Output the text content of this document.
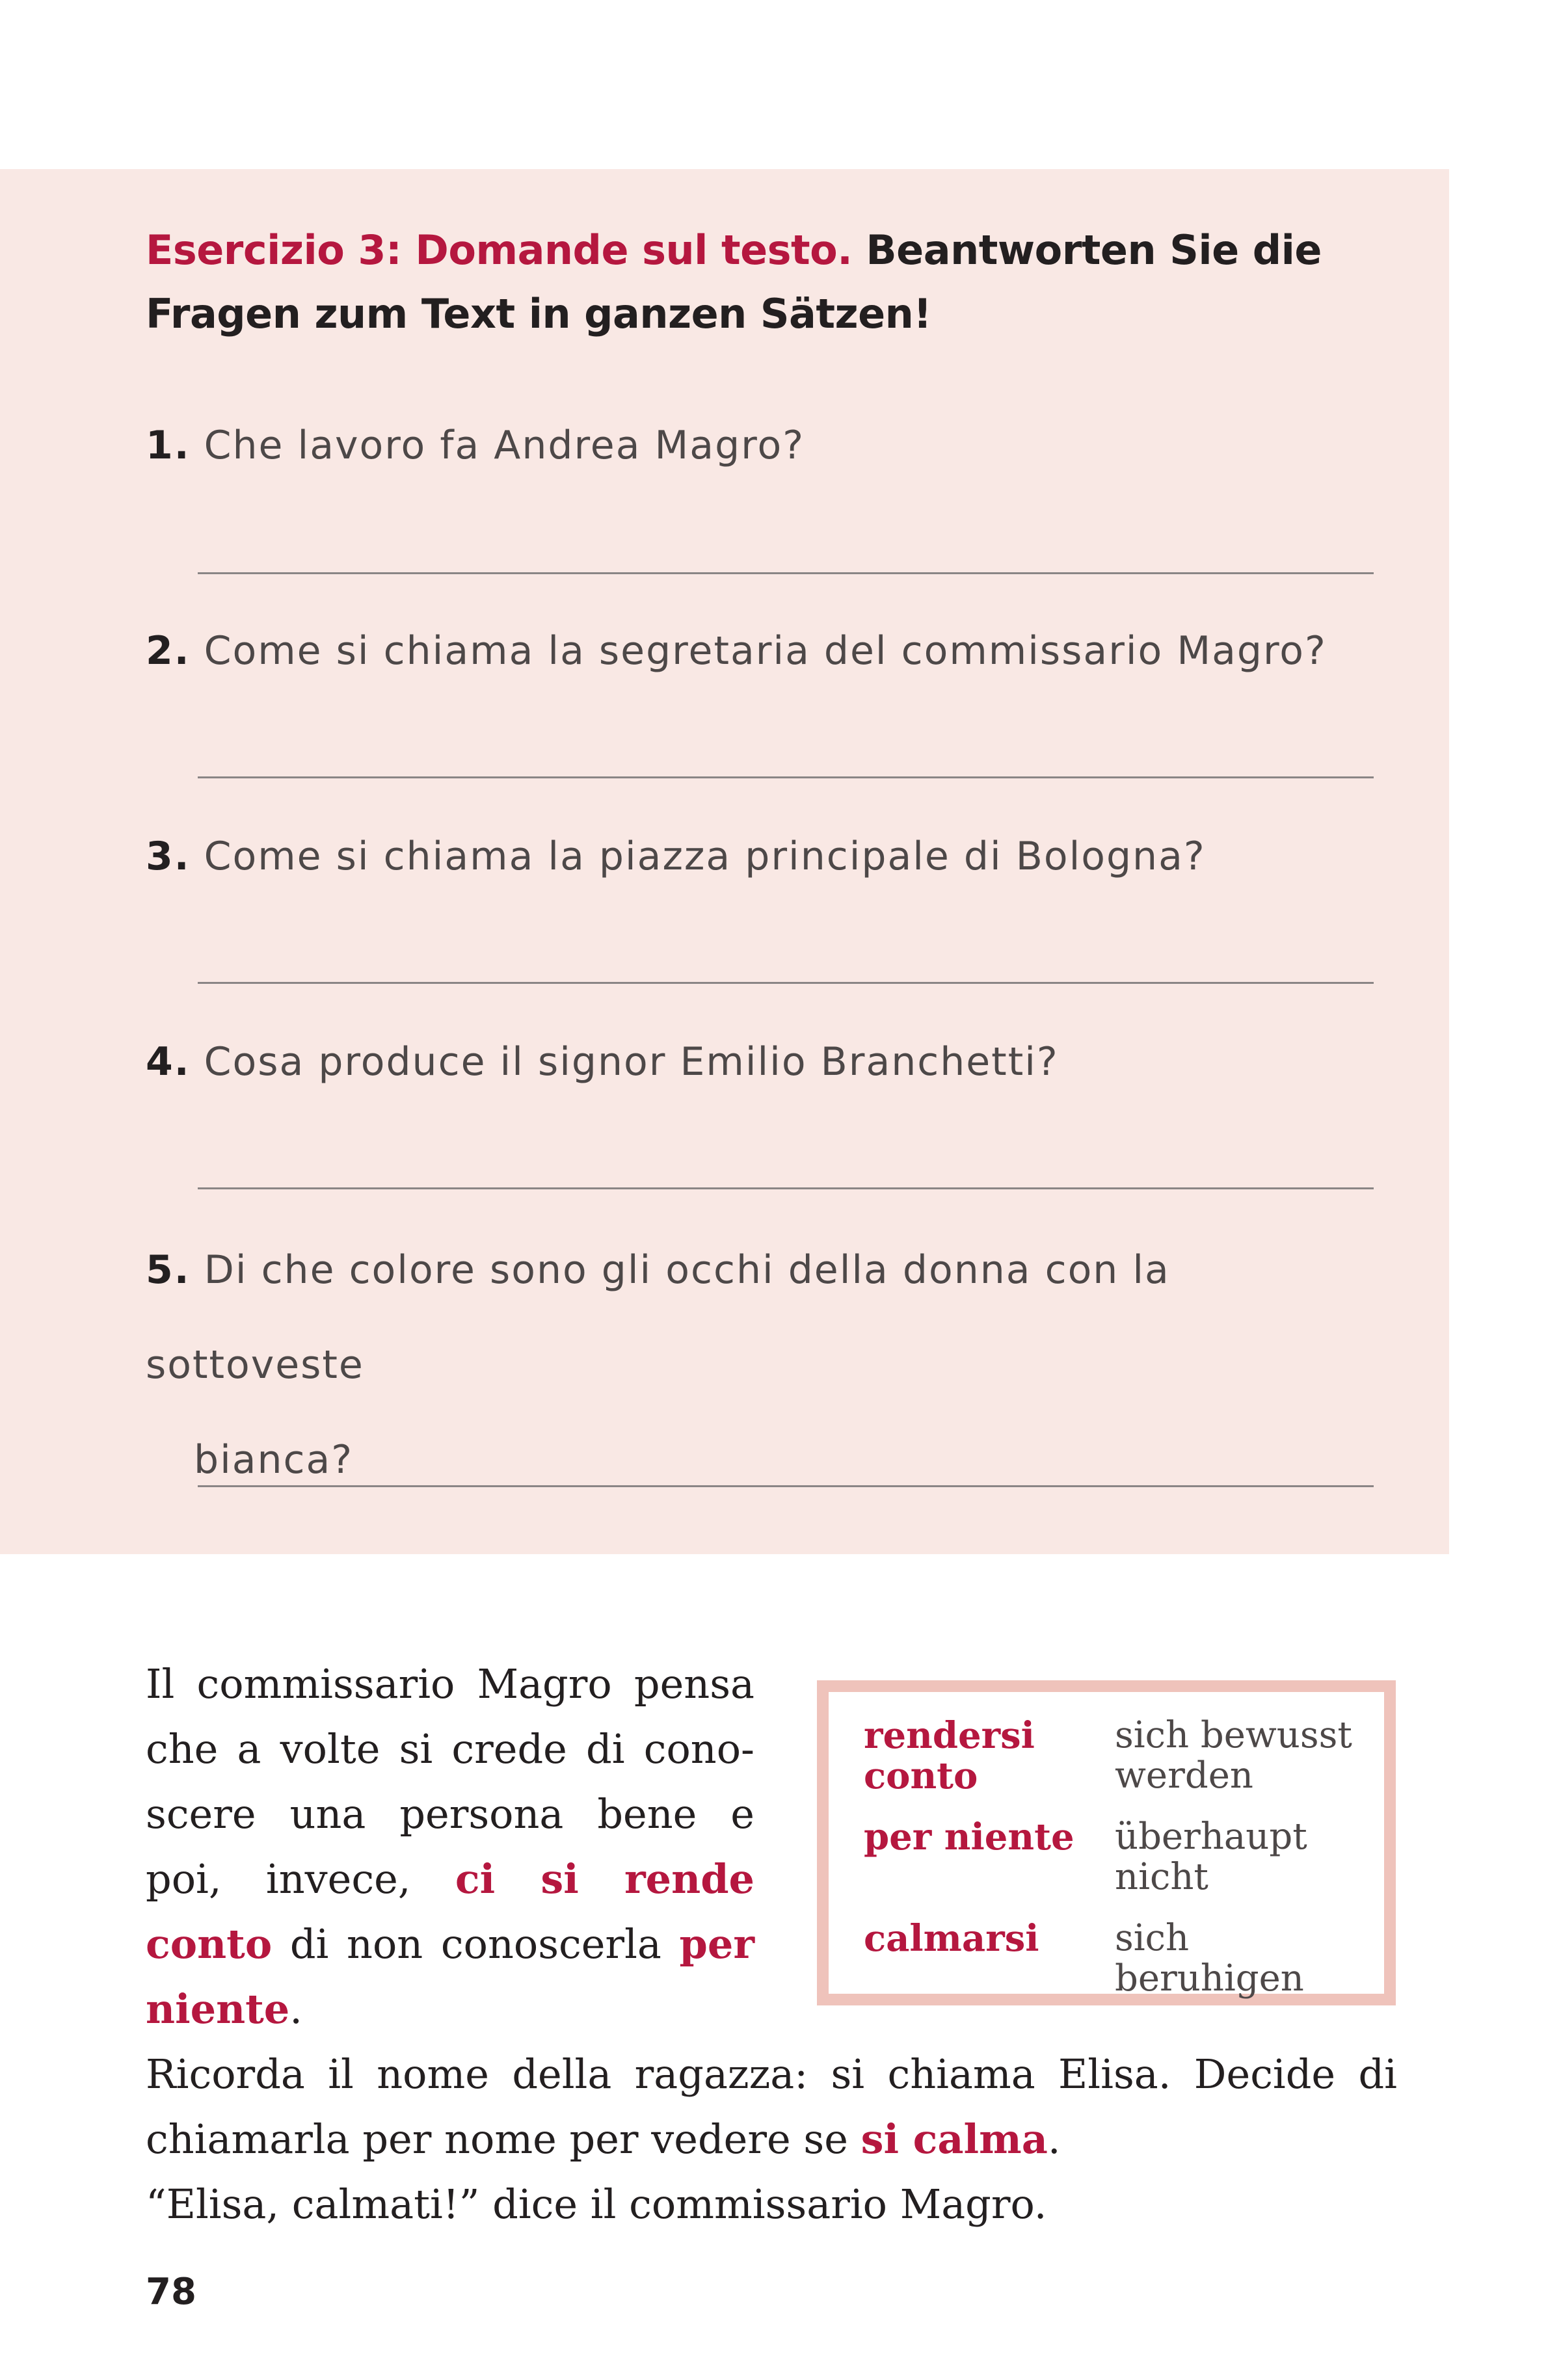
Esercizio 3: Domande sul testo. Beantworten Sie die Fragen zum Text in ganzen Sätzen!
1. Che lavoro fa Andrea Magro?
2. Come si chiama la segretaria del commissario Magro?
3. Come si chiama la piazza principale di Bologna?
4. Cosa produce il signor Emilio Branchetti?
5. Di che colore sono gli occhi della donna con la sottoveste
bianca?
Il commissario Magro pensa che a volte si crede di conoscere una persona bene e poi, invece, ci si rende conto di non conoscerla per niente.
rendersi conto
sich bewusst werden
per niente	überhaupt nicht
calmarsi	sich beruhigen
Ricorda il nome della ragazza: si chiama Elisa. Decide di chiamarla per nome per vedere se si calma.
“Elisa, calmati!” dice il commissario Magro.
78
